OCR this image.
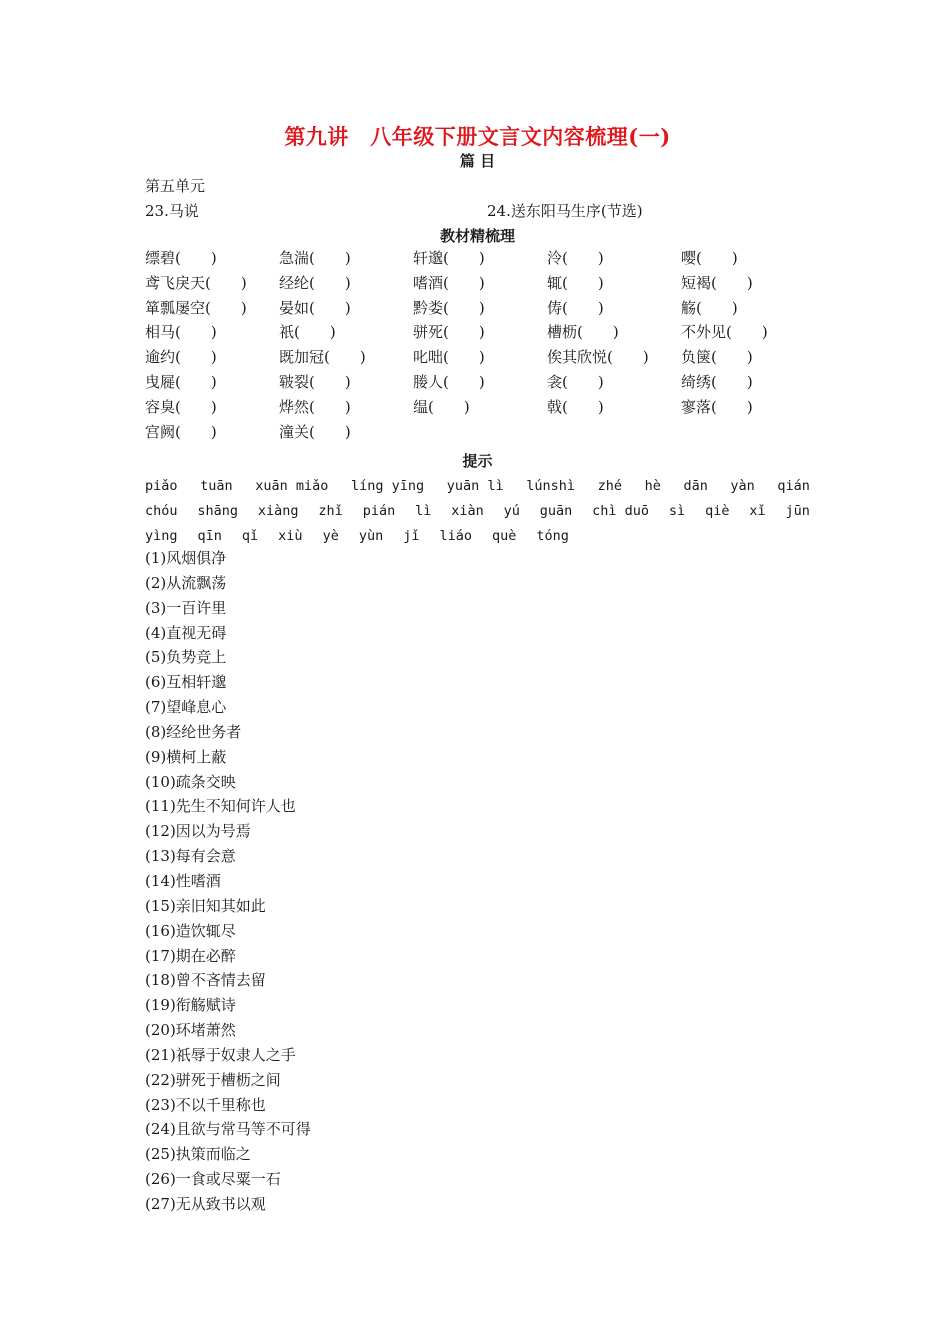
第九讲　八年级下册文言文内容梳理(一)
篇 目
第五单元
23.马说	24.送东阳马生序(节选)
教材精梳理
缥碧(　　)	急湍(　　)	轩邈(　　)	泠(　　)	嘤(　　)
鸢飞戾天(　　) 经纶(　　)	嗜酒(　　)	辄(　　)	短褐(　　)
箪瓢屡空(　　) 晏如(　　)	黔娄(　　)	俦(　　)	觞(　　)
相马(　　)	祇(　　)	骈死(　　)	槽枥(　　)	不外见(　　)
逾约(　　)	既加冠(　　)	叱咄(　　)	俟其欣悦(　　) 负箧(　　)
曳屣(　　)	皲裂(　　)	媵人(　　)	衾(　　)	绮绣(　　)
容臭(　　)	烨然(　　)	缊(　　)	戟(　　)	寥落(　　)
宫阙(　　)	潼关(　　)
提示
piǎo tuān xuān miǎo líng yīng yuān lì lúnshì zhé hè dān yàn qián
chóu shāng xiàng zhǐ pián lì xiàn yú guān chì duō sì qiè xǐ jūn
yìng qīn qǐ xiù yè yùn jǐ liáo què tóng
(1)风烟俱净
(2)从流飘荡
(3)一百许里
(4)直视无碍
(5)负势竞上
(6)互相轩邈
(7)望峰息心
(8)经纶世务者
(9)横柯上蔽
(10)疏条交映
(11)先生不知何许人也
(12)因以为号焉
(13)每有会意
(14)性嗜酒
(15)亲旧知其如此
(16)造饮辄尽
(17)期在必醉
(18)曾不吝情去留
(19)衔觞赋诗
(20)环堵萧然
(21)祇辱于奴隶人之手
(22)骈死于槽枥之间
(23)不以千里称也
(24)且欲与常马等不可得
(25)执策而临之
(26)一食或尽粟一石
(27)无从致书以观
